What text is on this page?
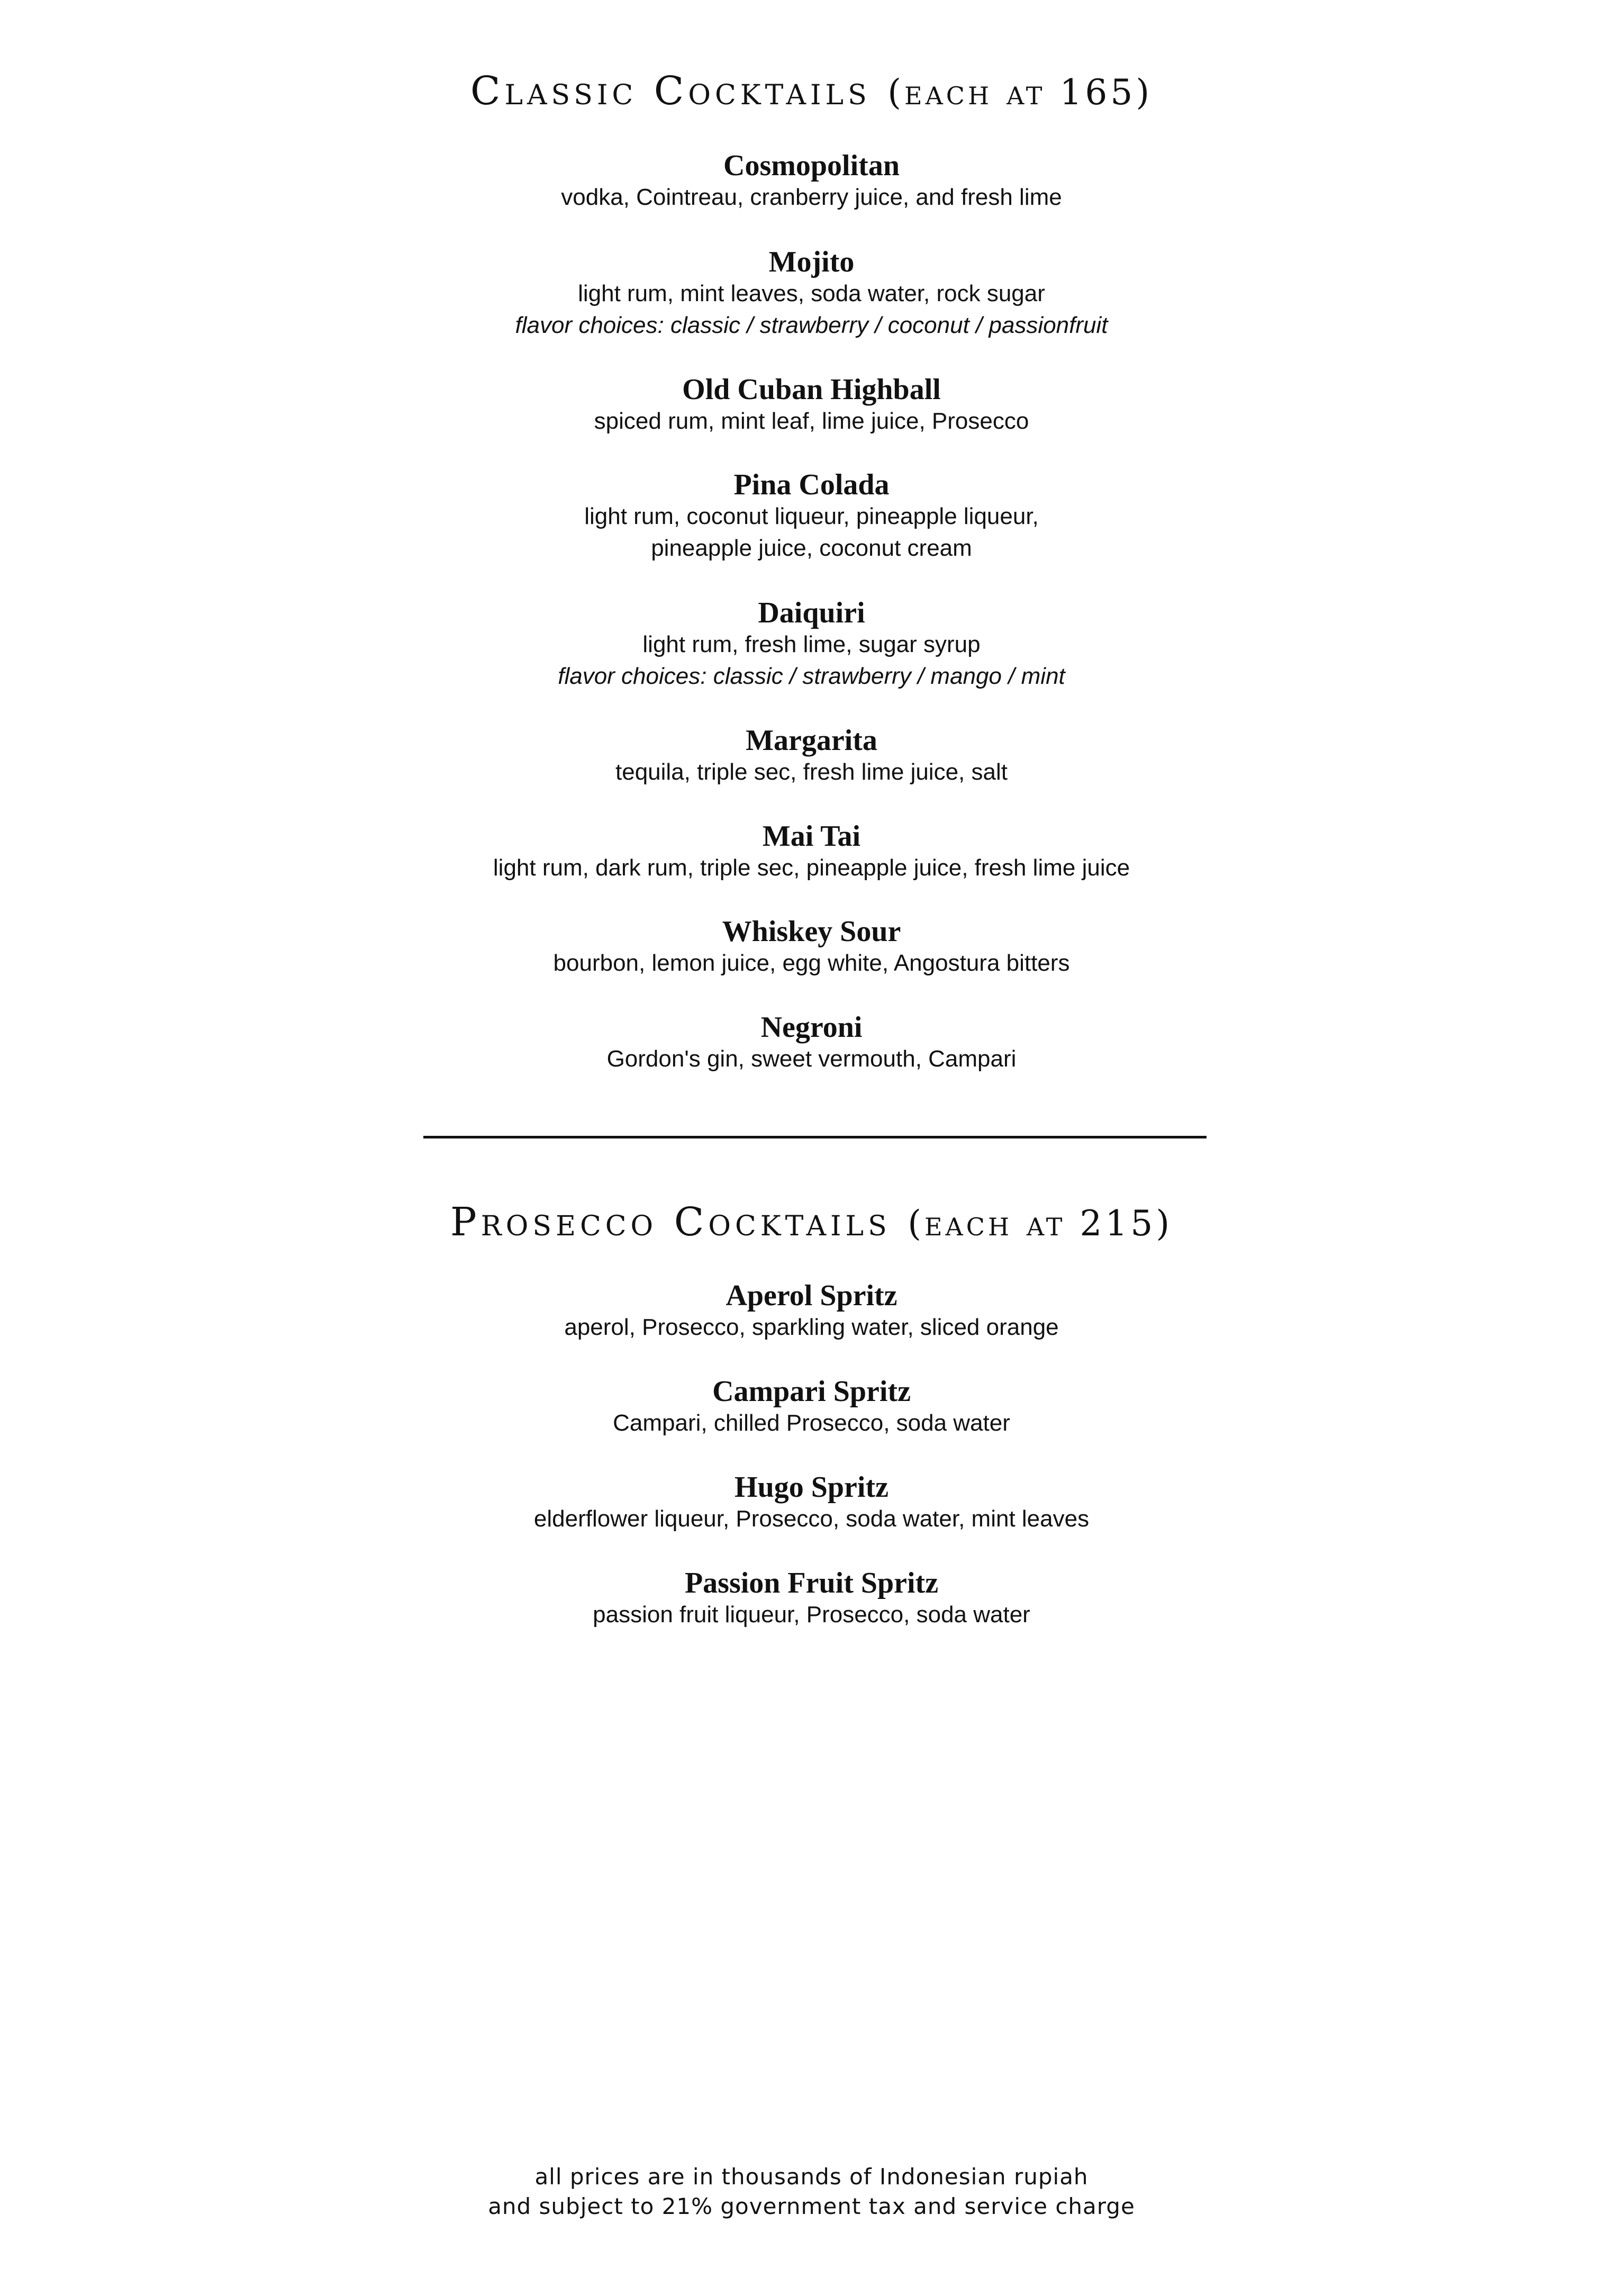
Classic Cocktails (each at 165)

Cosmopolitan

vodka, Cointreau, cranberry juice, and fresh lime

Mojito

light rum, mint leaves, soda water, rock sugar

flavor choices: classic / strawberry / coconut / passionfruit

Old Cuban Highball

spiced rum, mint leaf, lime juice, Prosecco

Pina Colada

light rum, coconut liqueur, pineapple liqueur,

pineapple juice, coconut cream

Daiquiri

light rum, fresh lime, sugar syrup

flavor choices: classic / strawberry / mango / mint

Margarita

tequila, triple sec, fresh lime juice, salt

Mai Tai

light rum, dark rum, triple sec, pineapple juice, fresh lime juice

Whiskey Sour

bourbon, lemon juice, egg white, Angostura bitters

Negroni

Gordon's gin, sweet vermouth, Campari

Prosecco Cocktails (each at 215)

Aperol Spritz

aperol, Prosecco, sparkling water, sliced orange

Campari Spritz

Campari, chilled Prosecco, soda water

Hugo Spritz

elderflower liqueur, Prosecco, soda water, mint leaves

Passion Fruit Spritz

passion fruit liqueur, Prosecco, soda water

all prices are in thousands of Indonesian rupiah

and subject to 21% government tax and service charge
